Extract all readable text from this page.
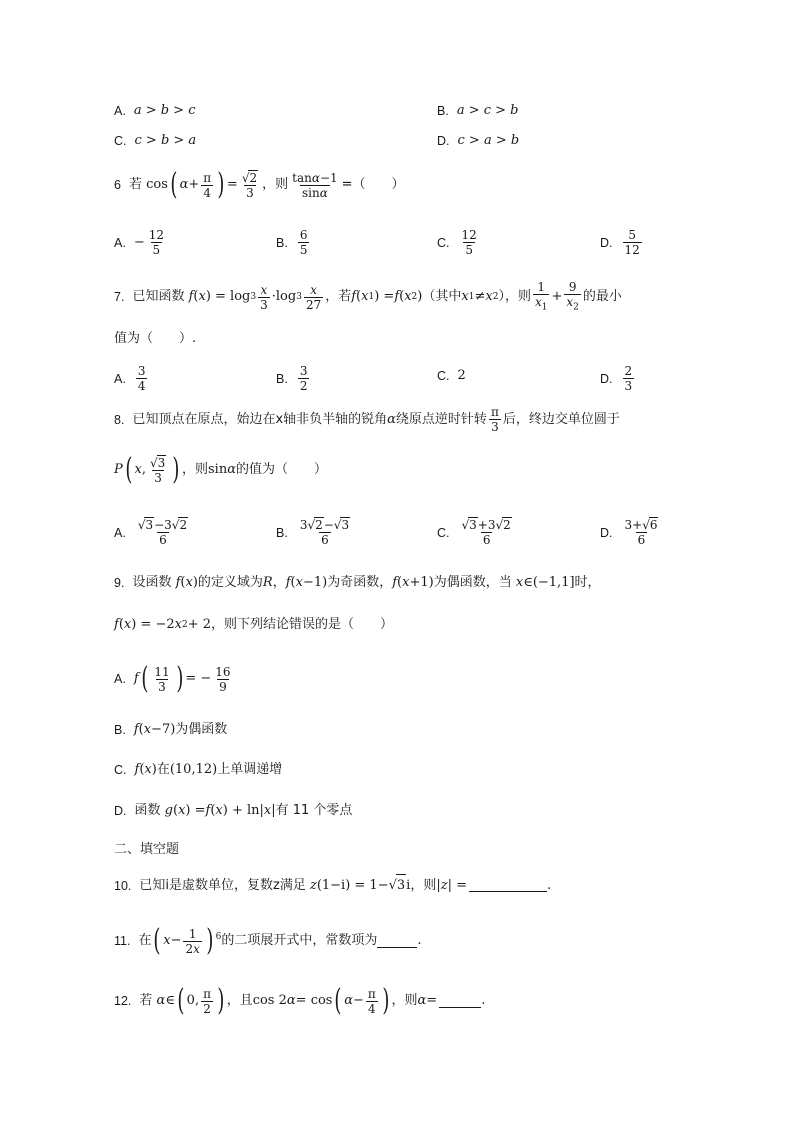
A. a > b > c	B. a > c > b
C. c > b > a	D. c > a > b
6 若 cos ( $\alpha + \frac{\pi}{4}$ ) = $\frac{√2}{3}$ ，则 $\frac{\tan\alpha-1}{\sin\alpha}$ =（　　）
A. − $\frac{12}{5}$	B. $\frac{6}{5}$	C. $\frac{12}{5}$	D. $\frac{5}{12}$
7. 已知函数 f ( x ) = $\log 3 \frac{x}{3} \cdot\log$ $3 \frac{x}{27}$ ，若 f ( x 1 ) = f ( x 2 ) （其中 x 1 ≠ x 2 ），则 $\frac{1}{x_1} + \frac{9}{x_2}$ 的最小
值为（　　）.
A. $\frac{3}{4}$	B. $\frac{3}{2}$	C. 2	D. $\frac{2}{3}$
8. 已知顶点在原点，始边在x轴非负半轴的锐角 α 绕原点逆时针转 $\frac{\pi}{3}$ 后，终边交单位圆于
P ( x , $\frac{√3}{3}$ ) ，则 sin α 的值为（　　）
A. $\frac{√3-3√2}{6}$	B. $\frac{3√2-√3}{6}$	C. $\frac{√3+3√2}{6}$	D. $\frac{3+√6}{6}$
9. 设函数 f ( x ) 的定义域为 R ， f ( x −1) 为奇函数， f ( x +1) 为偶函数，当 x ∈(−1,1] 时，
f ( x ) = −2 x 2 + 2 ，则下列结论错误的是（　　）
A. f ( $\frac{11}{3}$ ) = − $\frac{16}{9}$
B. f ( x −7) 为偶函数
C. f ( x ) 在 (10,12) 上单调递增
D. 函数 g ( x ) = f ( x ) + ln| x | 有 11 个零点
二、填空题
10. 已知i是虚数单位，复数z满足 z (1−i) = 1−√ 3 i ，则 | z | =	.
11. 在 ( $x - \frac{1}{2x}$ ) $^6$ 的二项展开式中，常数项为	.
12. 若 α ∈ ( 0, $\frac{\pi}{2}$ ) ，且 cos 2 α = cos ( $\alpha - \frac{\pi}{4}$ ) ，则 α =	.
